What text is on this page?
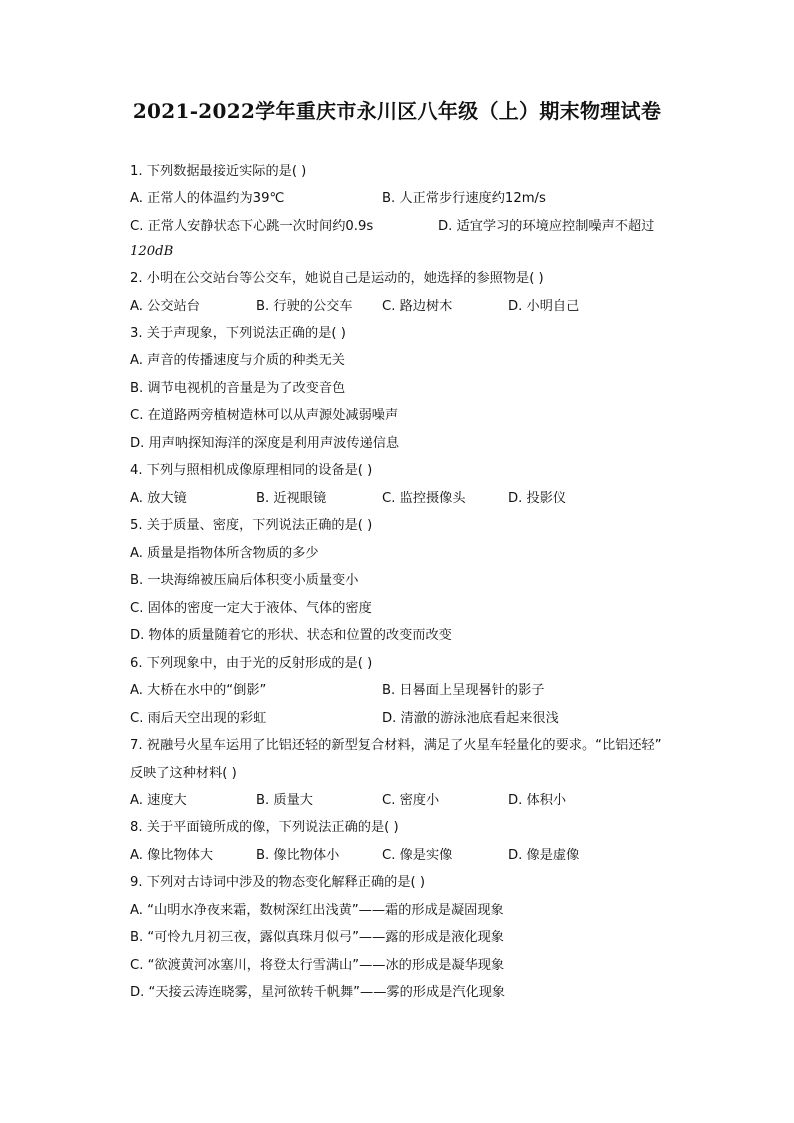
2021-2022学年重庆市永川区八年级（上）期末物理试卷
1. 下列数据最接近实际的是( )
A. 正常人的体温约为39℃	B. 人正常步行速度约12m/s
C. 正常人安静状态下心跳一次时间约0.9s	D. 适宜学习的环境应控制噪声不超过
120dB
2. 小明在公交站台等公交车，她说自己是运动的，她选择的参照物是( )
A. 公交站台	B. 行驶的公交车 C. 路边树木	D. 小明自己
3. 关于声现象，下列说法正确的是( )
A. 声音的传播速度与介质的种类无关
B. 调节电视机的音量是为了改变音色
C. 在道路两旁植树造林可以从声源处减弱噪声
D. 用声呐探知海洋的深度是利用声波传递信息
4. 下列与照相机成像原理相同的设备是( )
A. 放大镜	B. 近视眼镜	C. 监控摄像头	D. 投影仪
5. 关于质量、密度，下列说法正确的是( )
A. 质量是指物体所含物质的多少
B. 一块海绵被压扁后体积变小质量变小
C. 固体的密度一定大于液体、气体的密度
D. 物体的质量随着它的形状、状态和位置的改变而改变
6. 下列现象中，由于光的反射形成的是( )
A. 大桥在水中的“倒影”	B. 日晷面上呈现晷针的影子
C. 雨后天空出现的彩虹	D. 清澈的游泳池底看起来很浅
7. 祝融号火星车运用了比铝还轻的新型复合材料，满足了火星车轻量化的要求。“比铝还轻”
反映了这种材料( )
A. 速度大	B. 质量大	C. 密度小	D. 体积小
8. 关于平面镜所成的像，下列说法正确的是( )
A. 像比物体大	B. 像比物体小	C. 像是实像	D. 像是虚像
9. 下列对古诗词中涉及的物态变化解释正确的是( )
A. “山明水净夜来霜，数树深红出浅黄”——霜的形成是凝固现象
B. “可怜九月初三夜，露似真珠月似弓”——露的形成是液化现象
C. “欲渡黄河冰塞川，将登太行雪满山”——冰的形成是凝华现象
D. “天接云涛连晓雾，星河欲转千帆舞”——雾的形成是汽化现象
